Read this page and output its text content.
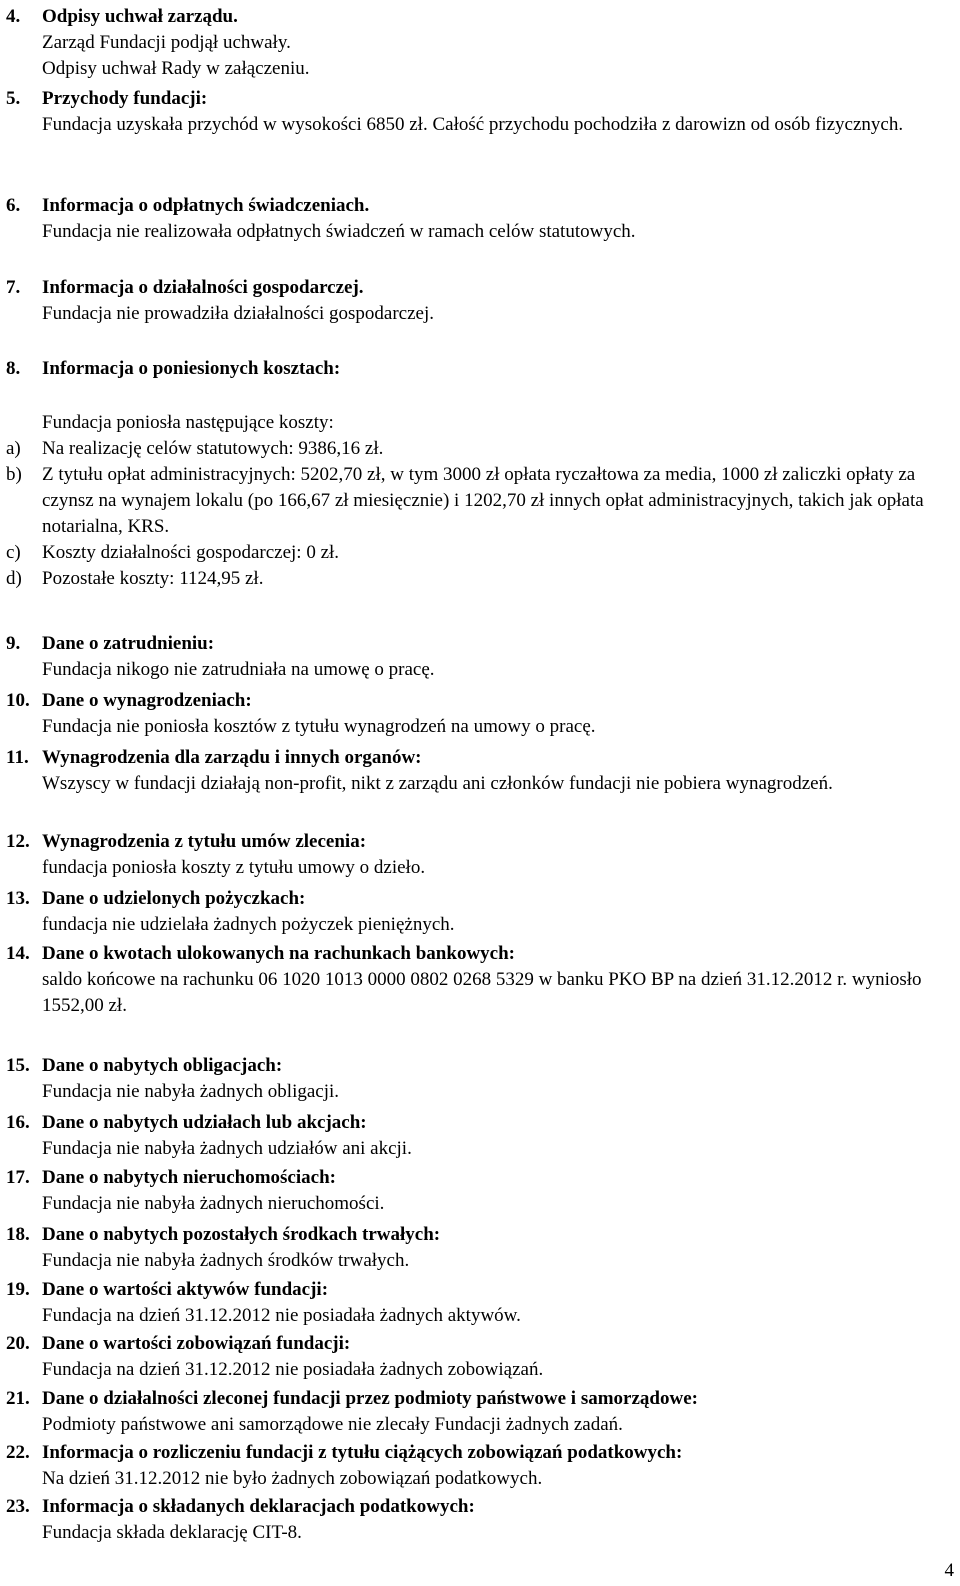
4. Odpisy uchwał zarządu.
Zarząd Fundacji podjął uchwały.
Odpisy uchwał Rady w załączeniu.
5. Przychody fundacji:
Fundacja uzyskała przychód w wysokości 6850 zł. Całość przychodu pochodziła z darowizn od osób fizycznych.
6. Informacja o odpłatnych świadczeniach.
Fundacja nie realizowała odpłatnych świadczeń w ramach celów statutowych.
7. Informacja o działalności gospodarczej.
Fundacja nie prowadziła działalności gospodarczej.
8. Informacja o poniesionych kosztach:
Fundacja poniosła następujące koszty:
a) Na realizację celów statutowych: 9386,16 zł.
b) Z tytułu opłat administracyjnych: 5202,70 zł, w tym 3000 zł opłata ryczałtowa za media, 1000 zł zaliczki opłaty za czynsz na wynajem lokalu (po 166,67 zł miesięcznie) i 1202,70 zł innych opłat administracyjnych, takich jak opłata notarialna, KRS.
c) Koszty działalności gospodarczej: 0 zł.
d) Pozostałe koszty: 1124,95 zł.
9. Dane o zatrudnieniu:
Fundacja nikogo nie zatrudniała na umowę o pracę.
10. Dane o wynagrodzeniach:
Fundacja nie poniosła kosztów z tytułu wynagrodzeń na umowy o pracę.
11. Wynagrodzenia dla zarządu i innych organów:
Wszyscy w fundacji działają non-profit, nikt z zarządu ani członków fundacji nie pobiera wynagrodzeń.
12. Wynagrodzenia z tytułu umów zlecenia:
fundacja poniosła koszty z tytułu umowy o dzieło.
13. Dane o udzielonych pożyczkach:
fundacja nie udzielała żadnych pożyczek pieniężnych.
14. Dane o kwotach ulokowanych na rachunkach bankowych:
saldo końcowe na rachunku 06 1020 1013 0000 0802 0268 5329 w banku PKO BP na dzień 31.12.2012 r. wyniosło 1552,00 zł.
15. Dane o nabytych obligacjach:
Fundacja nie nabyła żadnych obligacji.
16. Dane o nabytych udziałach lub akcjach:
Fundacja nie nabyła żadnych udziałów ani akcji.
17. Dane o nabytych nieruchomościach:
Fundacja nie nabyła żadnych nieruchomości.
18. Dane o nabytych pozostałych środkach trwałych:
Fundacja nie nabyła żadnych środków trwałych.
19. Dane o wartości aktywów fundacji:
Fundacja na dzień 31.12.2012 nie posiadała żadnych aktywów.
20. Dane o wartości zobowiązań fundacji:
Fundacja na dzień 31.12.2012 nie posiadała żadnych zobowiązań.
21. Dane o działalności zleconej fundacji przez podmioty państwowe i samorządowe:
Podmioty państwowe ani samorządowe nie zlecały Fundacji żadnych zadań.
22. Informacja o rozliczeniu fundacji z tytułu ciążących zobowiązań podatkowych:
Na dzień 31.12.2012 nie było żadnych zobowiązań podatkowych.
23. Informacja o składanych deklaracjach podatkowych:
Fundacja składa deklarację CIT-8.
4
